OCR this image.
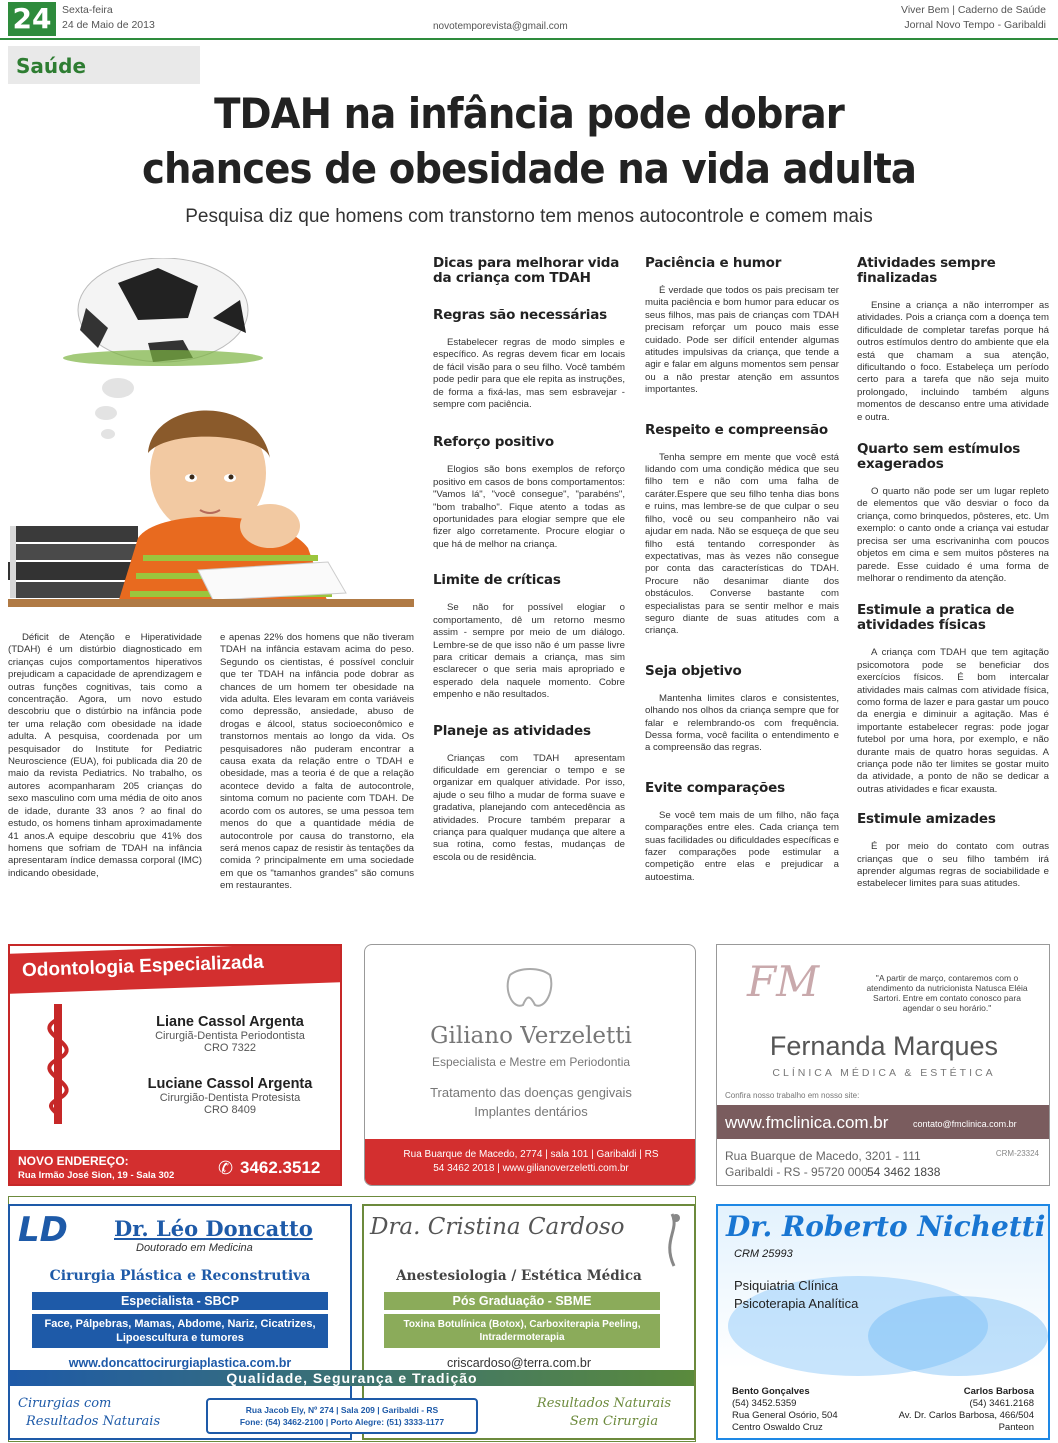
24	Sexta-feira
24 de Maio de 2013	novotemporevista@gmail.com
Viver Bem | Caderno de Saúde
Jornal Novo Tempo - Garibaldi
Saúde
TDAH na infância pode dobrar
chances de obesidade na vida adulta
Pesquisa diz que homens com transtorno tem menos autocontrole e comem mais

Déficit de Atenção e Hiperatividade (TDAH) é um distúrbio diagnosticado em crianças cujos comportamentos hiperativos prejudicam a capacidade de aprendizagem e outras funções cognitivas, tais como a concentração. Agora, um novo estudo descobriu que o distúrbio na infância pode ter uma relação com obesidade na idade adulta. A pesquisa, coordenada por um pesquisador do Institute for Pediatric Neuroscience (EUA), foi publicada dia 20 de maio da revista Pediatrics. No trabalho, os autores acompanharam 205 crianças do sexo masculino com uma média de oito anos de idade, durante 33 anos ? ao final do estudo, os homens tinham aproximadamente 41 anos.A equipe descobriu que 41% dos homens que sofriam de TDAH na infância apresentaram índice demassa corporal (IMC) indicando obesidade,

e apenas 22% dos homens que não tiveram TDAH na infância estavam acima do peso. Segundo os cientistas, é possível concluir que ter TDAH na infância pode dobrar as chances de um homem ter obesidade na vida adulta. Eles levaram em conta variáveis como depressão, ansiedade, abuso de drogas e álcool, status socioeconômico e transtornos mentais ao longo da vida. Os pesquisadores não puderam encontrar a causa exata da relação entre o TDAH e obesidade, mas a teoria é de que a relação acontece devido a falta de autocontrole, sintoma comum no paciente com TDAH. De acordo com os autores, se uma pessoa tem menos do que a quantidade média de autocontrole por causa do transtorno, ela será menos capaz de resistir às tentações da comida ? principalmente em uma sociedade em que os "tamanhos grandes" são comuns em restaurantes.

Dicas para melhorar vida da criança com TDAH
Regras são necessárias

Estabelecer regras de modo simples e específico. As regras devem ficar em locais de fácil visão para o seu filho. Você também pode pedir para que ele repita as instruções, de forma a fixá-las, mas sem esbravejar - sempre com paciência.

Reforço positivo

Elogios são bons exemplos de reforço positivo em casos de bons comportamentos: "Vamos lá", "você consegue", "parabéns", "bom trabalho". Fique atento a todas as oportunidades para elogiar sempre que ele fizer algo corretamente. Procure elogiar o que há de melhor na criança.

Limite de críticas

Se não for possível elogiar o comportamento, dê um retorno mesmo assim - sempre por meio de um diálogo. Lembre-se de que isso não é um passe livre para criticar demais a criança, mas sim esclarecer o que seria mais apropriado e esperado dela naquele momento. Cobre empenho e não resultados.

Planeje as atividades

Crianças com TDAH apresentam dificuldade em gerenciar o tempo e se organizar em qualquer atividade. Por isso, ajude o seu filho a mudar de forma suave e gradativa, planejando com antecedência as atividades. Procure também preparar a criança para qualquer mudança que altere a sua rotina, como festas, mudanças de escola ou de residência.

Paciência e humor

É verdade que todos os pais precisam ter muita paciência e bom humor para educar os seus filhos, mas pais de crianças com TDAH precisam reforçar um pouco mais esse cuidado. Pode ser difícil entender algumas atitudes impulsivas da criança, que tende a agir e falar em alguns momentos sem pensar ou a não prestar atenção em assuntos importantes.

Respeito e compreensão

Tenha sempre em mente que você está lidando com uma condição médica que seu filho tem e não com uma falha de caráter.Espere que seu filho tenha dias bons e ruins, mas lembre-se de que culpar o seu filho, você ou seu companheiro não vai ajudar em nada. Não se esqueça de que seu filho está tentando corresponder às expectativas, mas às vezes não consegue por conta das características do TDAH. Procure não desanimar diante dos obstáculos. Converse bastante com especialistas para se sentir melhor e mais seguro diante de suas atitudes com a criança.

Seja objetivo

Mantenha limites claros e consistentes, olhando nos olhos da criança sempre que for falar e relembrando-os com frequência. Dessa forma, você facilita o entendimento e a compreensão das regras.

Evite comparações

Se você tem mais de um filho, não faça comparações entre eles. Cada criança tem suas facilidades ou dificuldades específicas e fazer comparações pode estimular a competição entre elas e prejudicar a autoestima.

Atividades sempre finalizadas

Ensine a criança a não interromper as atividades. Pois a criança com a doença tem dificuldade de completar tarefas porque há outros estímulos dentro do ambiente que ela está que chamam a sua atenção, dificultando o foco. Estabeleça um período certo para a tarefa que não seja muito prolongado, incluindo também alguns momentos de descanso entre uma atividade e outra.

Quarto sem estímulos exagerados

O quarto não pode ser um lugar repleto de elementos que vão desviar o foco da criança, como brinquedos, pôsteres, etc. Um exemplo: o canto onde a criança vai estudar precisa ser uma escrivaninha com poucos objetos em cima e sem muitos pôsteres na parede. Esse cuidado é uma forma de melhorar o rendimento da atenção.

Estimule a pratica de atividades físicas

A criança com TDAH que tem agitação psicomotora pode se beneficiar dos exercícios físicos. É bom intercalar atividades mais calmas com atividade física, como forma de lazer e para gastar um pouco da energia e diminuir a agitação. Mas é importante estabelecer regras: pode jogar futebol por uma hora, por exemplo, e não durante mais de quatro horas seguidas. A criança pode não ter limites se gostar muito da atividade, a ponto de não se dedicar a outras atividades e ficar exausta.

Estimule amizades

É por meio do contato com outras crianças que o seu filho também irá aprender algumas regras de sociabilidade e estabelecer limites para suas atitudes.

Odontologia Especializada
Liane Cassol Argenta
Cirurgiã-Dentista Periodontista
CRO 7322
Luciane Cassol Argenta
Cirurgião-Dentista Protesista
CRO 8409
NOVO ENDEREÇO:
Rua Irmão José Sion, 19 - Sala 302 ✆ 3462.3512
Giliano Verzeletti
Especialista e Mestre em Periodontia
Tratamento das doenças gengivais
Implantes dentários
Rua Buarque de Macedo, 2774 | sala 101 | Garibaldi | RS
54 3462 2018 | www.gilianoverzeletti.com.br
FM	"A partir de março, contaremos com o atendimento da nutricionista Natusca Eléia Sartori. Entre em contato conosco para agendar o seu horário."
Fernanda Marques
CLÍNICA MÉDICA & ESTÉTICA
Confira nosso trabalho em nosso site:
www.fmclinica.com.br	contato@fmclinica.com.br
Rua Buarque de Macedo, 3201 - 111
Garibaldi - RS - 95720 000 54 3462 1838
CRM-23324
LD Dr. Léo Doncatto
Doutorado em Medicina
Cirurgia Plástica e Reconstrutiva
Especialista - SBCP
Face, Pálpebras, Mamas, Abdome, Nariz, Cicatrizes, Lipoescultura e tumores
www.doncattocirurgiaplastica.com.br
Cirurgias com
Resultados Naturais
Rua Jacob Ely, Nº 274 | Sala 209 | Garibaldi - RS
Fone: (54) 3462-2100 | Porto Alegre: (51) 3333-1177
Dra. Cristina Cardoso
Anestesiologia / Estética Médica
Pós Graduação - SBME
Toxina Botulínica (Botox), Carboxiterapia Peeling, Intradermoterapia
criscardoso@terra.com.br
Resultados Naturais
Sem Cirurgia
Qualidade, Segurança e Tradição
Dr. Roberto Nichetti
CRM 25993
Psiquiatria Clínica
Psicoterapia Analítica
Bento Gonçalves
(54) 3452.5359
Rua General Osório, 504
Centro Oswaldo Cruz
Carlos Barbosa
(54) 3461.2168
Av. Dr. Carlos Barbosa, 466/504
Panteon
